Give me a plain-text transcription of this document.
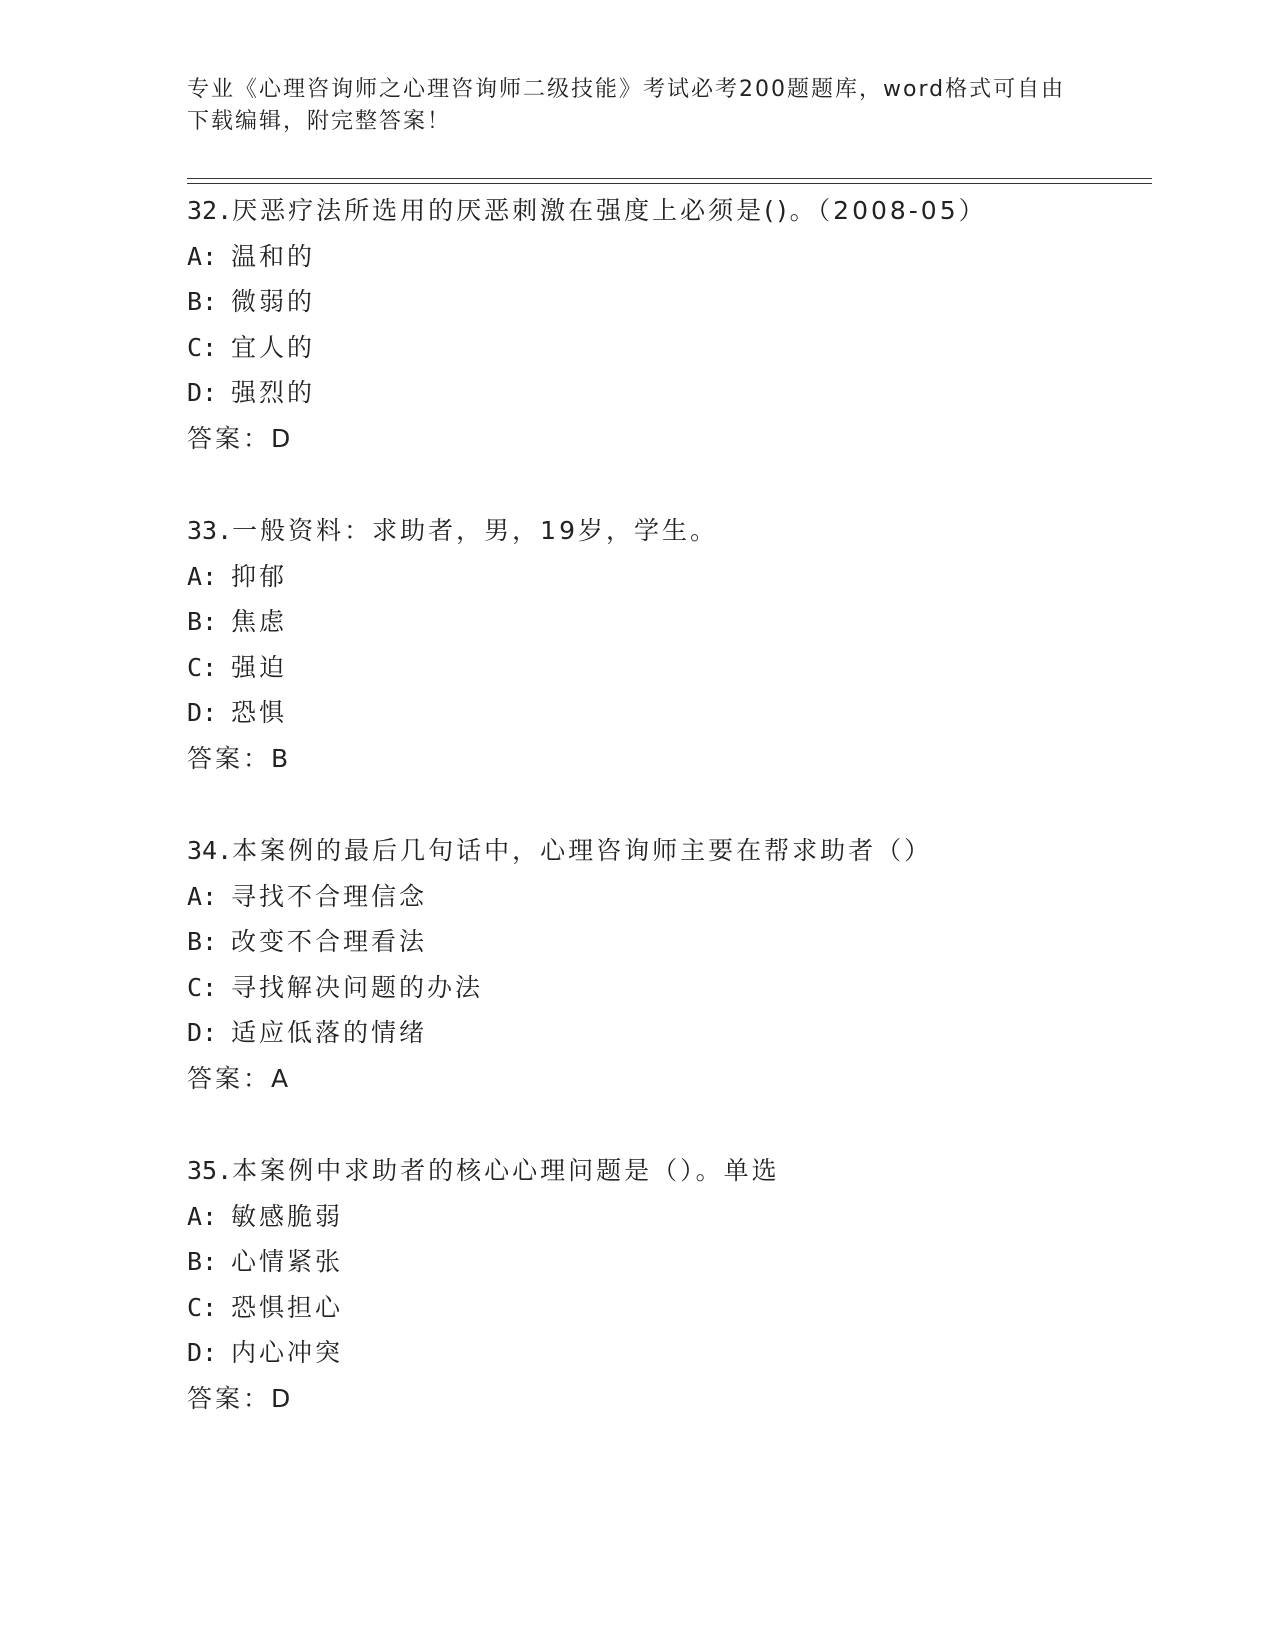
专业《心理咨询师之心理咨询师二级技能》考试必考200题题库，word格式可自由下载编辑，附完整答案！
32.厌恶疗法所选用的厌恶刺激在强度上必须是()。（2008-05）
A: 温和的
B: 微弱的
C: 宜人的
D: 强烈的
答案：D
33.一般资料：求助者，男，19岁，学生。
A: 抑郁
B: 焦虑
C: 强迫
D: 恐惧
答案：B
34.本案例的最后几句话中，心理咨询师主要在帮求助者（）
A: 寻找不合理信念
B: 改变不合理看法
C: 寻找解决问题的办法
D: 适应低落的情绪
答案：A
35.本案例中求助者的核心心理问题是（）。单选
A: 敏感脆弱
B: 心情紧张
C: 恐惧担心
D: 内心冲突
答案：D
